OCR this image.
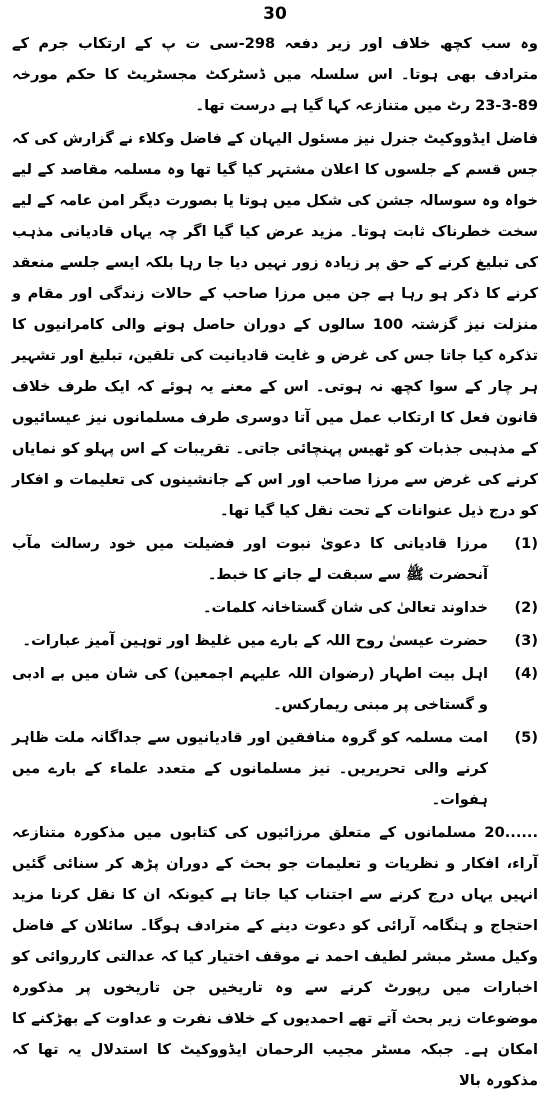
30

وہ سب کچھ خلاف اور زیر دفعہ 298-سی ت پ کے ارتکاب جرم کے مترادف بھی ہوتا۔ اس سلسلہ میں ڈسٹرکٹ مجسٹریٹ کا حکم مورخہ 89-3-23 رٹ میں متنازعہ کہا گیا ہے درست تھا۔

فاضل ایڈووکیٹ جنرل نیز مسئول الیہان کے فاضل وکلاء نے گزارش کی کہ جس قسم کے جلسوں کا اعلان مشتہر کیا گیا تھا وہ مسلمہ مقاصد کے لیے خواہ وہ سوسالہ جشن کی شکل میں ہوتا یا بصورت دیگر امن عامہ کے لیے سخت خطرناک ثابت ہوتا۔ مزید عرض کیا گیا اگر چہ یہاں قادیانی مذہب کی تبلیغ کرنے کے حق پر زیادہ زور نہیں دیا جا رہا بلکہ ایسے جلسے منعقد کرنے کا ذکر ہو رہا ہے جن میں مرزا صاحب کے حالات زندگی اور مقام و منزلت نیز گزشتہ 100 سالوں کے دوران حاصل ہونے والی کامرانیوں کا تذکرہ کیا جاتا جس کی غرض و غایت قادیانیت کی تلقین، تبلیغ اور تشہیر ہر چار کے سوا کچھ نہ ہوتی۔ اس کے معنے یہ ہوئے کہ ایک طرف خلاف قانون فعل کا ارتکاب عمل میں آتا دوسری طرف مسلمانوں نیز عیسائیوں کے مذہبی جذبات کو ٹھیس پہنچائی جاتی۔ تقریبات کے اس پہلو کو نمایاں کرنے کی غرض سے مرزا صاحب اور اس کے جانشینوں کی تعلیمات و افکار کو درج ذیل عنوانات کے تحت نقل کیا گیا تھا۔

(1)
مرزا قادیانی کا دعویٰ نبوت اور فضیلت میں خود رسالت مآب آنحضرت ﷺ سے سبقت لے جانے کا خبط۔
(2)
خداوند تعالیٰ کی شان گستاخانہ کلمات۔
(3)
حضرت عیسیٰ روح اللہ کے بارے میں غلیظ اور توہین آمیز عبارات۔
(4)
اہل بیت اطہار (رضوان اللہ علیہم اجمعین) کی شان میں بے ادبی و گستاخی پر مبنی ریمارکس۔
(5)
امت مسلمہ کو گروہ منافقین اور قادیانیوں سے جداگانہ ملت ظاہر کرنے والی تحریریں۔ نیز مسلمانوں کے متعدد علماء کے بارے میں ہفوات۔

20...... مسلمانوں کے متعلق مرزائیوں کی کتابوں میں مذکورہ متنازعہ آراء، افکار و نظریات و تعلیمات جو بحث کے دوران پڑھ کر سنائی گئیں انہیں یہاں درج کرنے سے اجتناب کیا جاتا ہے کیونکہ ان کا نقل کرنا مزید احتجاج و ہنگامہ آرائی کو دعوت دینے کے مترادف ہوگا۔ سائلان کے فاضل وکیل مسٹر مبشر لطیف احمد نے موقف اختیار کیا کہ عدالتی کارروائی کو اخبارات میں رپورٹ کرنے سے وہ تاریخیں جن تاریخوں پر مذکورہ موضوعات زیر بحث آتے تھے احمدیوں کے خلاف نفرت و عداوت کے بھڑکنے کا امکان ہے۔ جبکہ مسٹر مجیب الرحمان ایڈووکیٹ کا استدلال یہ تھا کہ مذکورہ بالا
